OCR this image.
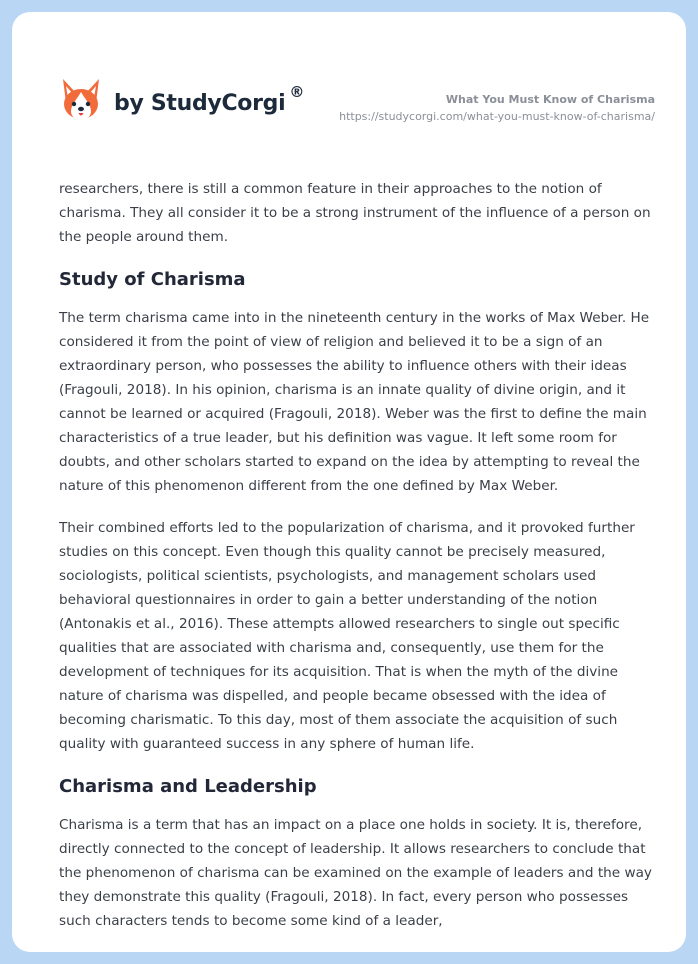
by StudyCorgi ®	What You Must Know of Charisma
https://studycorgi.com/what-you-must-know-of-charisma/

researchers, there is still a common feature in their approaches to the notion of charisma. They all consider it to be a strong instrument of the influence of a person on the people around them.

Study of Charisma

The term charisma came into in the nineteenth century in the works of Max Weber. He considered it from the point of view of religion and believed it to be a sign of an extraordinary person, who possesses the ability to influence others with their ideas (Fragouli, 2018). In his opinion, charisma is an innate quality of divine origin, and it cannot be learned or acquired (Fragouli, 2018). Weber was the first to define the main characteristics of a true leader, but his definition was vague. It left some room for doubts, and other scholars started to expand on the idea by attempting to reveal the nature of this phenomenon different from the one defined by Max Weber.

Their combined efforts led to the popularization of charisma, and it provoked further studies on this concept. Even though this quality cannot be precisely measured, sociologists, political scientists, psychologists, and management scholars used behavioral questionnaires in order to gain a better understanding of the notion (Antonakis et al., 2016). These attempts allowed researchers to single out specific qualities that are associated with charisma and, consequently, use them for the development of techniques for its acquisition. That is when the myth of the divine nature of charisma was dispelled, and people became obsessed with the idea of becoming charismatic. To this day, most of them associate the acquisition of such quality with guaranteed success in any sphere of human life.

Charisma and Leadership

Charisma is a term that has an impact on a place one holds in society. It is, therefore, directly connected to the concept of leadership. It allows researchers to conclude that the phenomenon of charisma can be examined on the example of leaders and the way they demonstrate this quality (Fragouli, 2018). In fact, every person who possesses such characters tends to become some kind of a leader,
